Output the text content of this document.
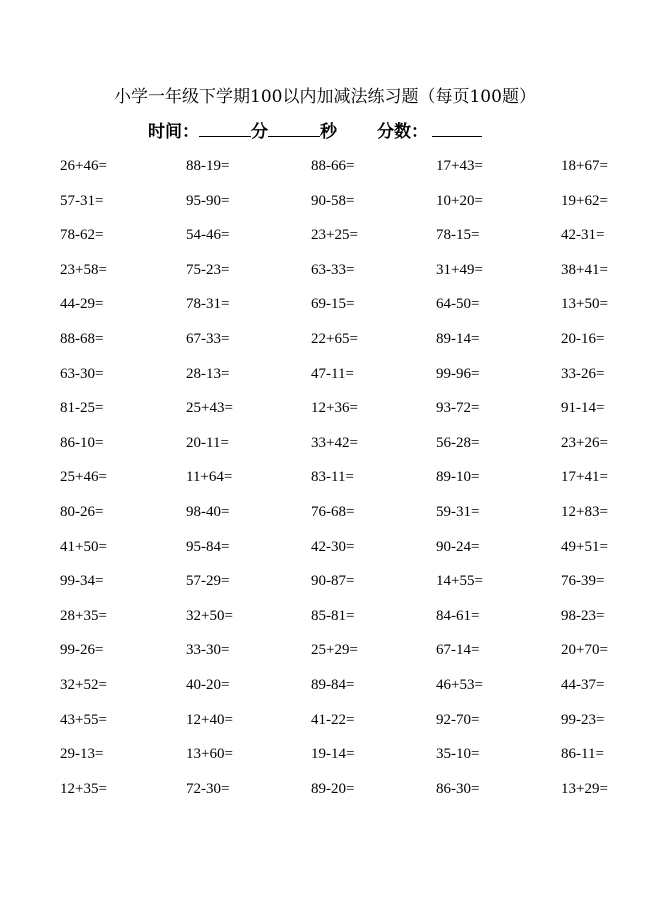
小学一年级下学期100以内加减法练习题（每页100题）
时间：	分	秒 分数：
26+46=	88-19=	88-66=	17+43=	18+67=
57-31=	95-90=	90-58=	10+20=	19+62=
78-62=	54-46=	23+25=	78-15=	42-31=
23+58=	75-23=	63-33=	31+49=	38+41=
44-29=	78-31=	69-15=	64-50=	13+50=
88-68=	67-33=	22+65=	89-14=	20-16=
63-30=	28-13=	47-11=	99-96=	33-26=
81-25=	25+43=	12+36=	93-72=	91-14=
86-10=	20-11=	33+42=	56-28=	23+26=
25+46=	11+64=	83-11=	89-10=	17+41=
80-26=	98-40=	76-68=	59-31=	12+83=
41+50=	95-84=	42-30=	90-24=	49+51=
99-34=	57-29=	90-87=	14+55=	76-39=
28+35=	32+50=	85-81=	84-61=	98-23=
99-26=	33-30=	25+29=	67-14=	20+70=
32+52=	40-20=	89-84=	46+53=	44-37=
43+55=	12+40=	41-22=	92-70=	99-23=
29-13=	13+60=	19-14=	35-10=	86-11=
12+35=	72-30=	89-20=	86-30=	13+29=
